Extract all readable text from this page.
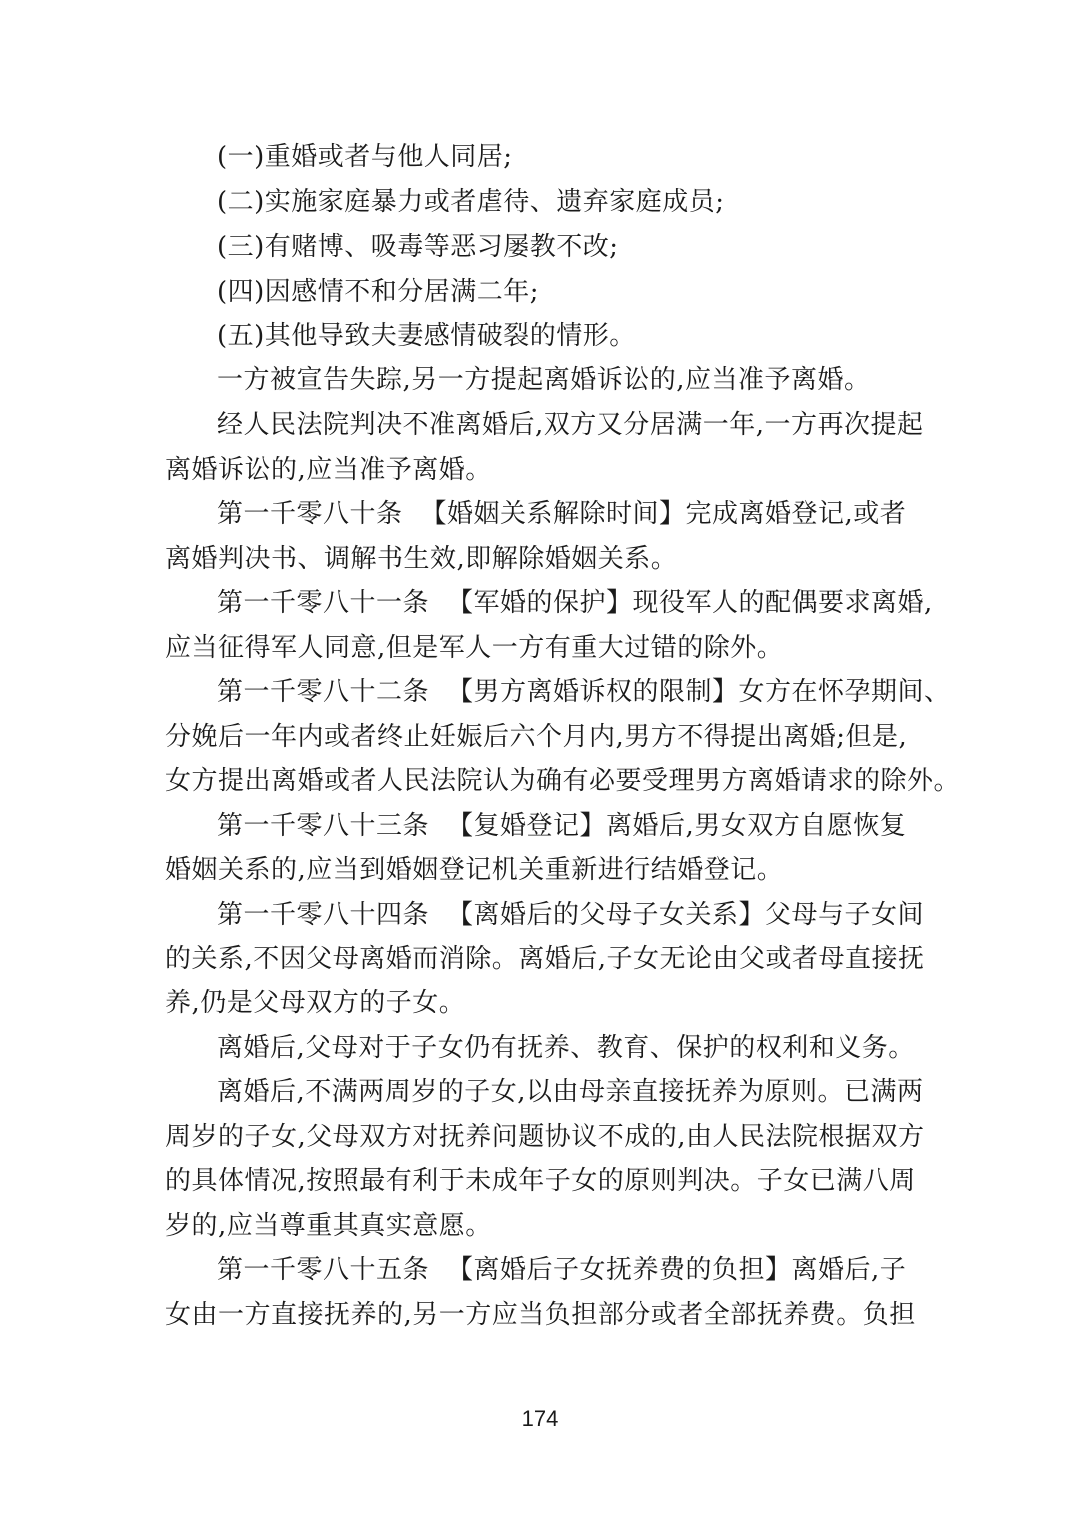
(一)重婚或者与他人同居;
(二)实施家庭暴力或者虐待、遗弃家庭成员;
(三)有赌博、吸毒等恶习屡教不改;
(四)因感情不和分居满二年;
(五)其他导致夫妻感情破裂的情形。
一方被宣告失踪,另一方提起离婚诉讼的,应当准予离婚。
经人民法院判决不准离婚后,双方又分居满一年,一方再次提起
离婚诉讼的,应当准予离婚。
第一千零八十条 【婚姻关系解除时间】完成离婚登记,或者
离婚判决书、调解书生效,即解除婚姻关系。
第一千零八十一条 【军婚的保护】现役军人的配偶要求离婚,
应当征得军人同意,但是军人一方有重大过错的除外。
第一千零八十二条 【男方离婚诉权的限制】女方在怀孕期间、
分娩后一年内或者终止妊娠后六个月内,男方不得提出离婚;但是,
女方提出离婚或者人民法院认为确有必要受理男方离婚请求的除外。
第一千零八十三条 【复婚登记】离婚后,男女双方自愿恢复
婚姻关系的,应当到婚姻登记机关重新进行结婚登记。
第一千零八十四条 【离婚后的父母子女关系】父母与子女间
的关系,不因父母离婚而消除。离婚后,子女无论由父或者母直接抚
养,仍是父母双方的子女。
离婚后,父母对于子女仍有抚养、教育、保护的权利和义务。
离婚后,不满两周岁的子女,以由母亲直接抚养为原则。已满两
周岁的子女,父母双方对抚养问题协议不成的,由人民法院根据双方
的具体情况,按照最有利于未成年子女的原则判决。子女已满八周
岁的,应当尊重其真实意愿。
第一千零八十五条 【离婚后子女抚养费的负担】离婚后,子
女由一方直接抚养的,另一方应当负担部分或者全部抚养费。负担
174
